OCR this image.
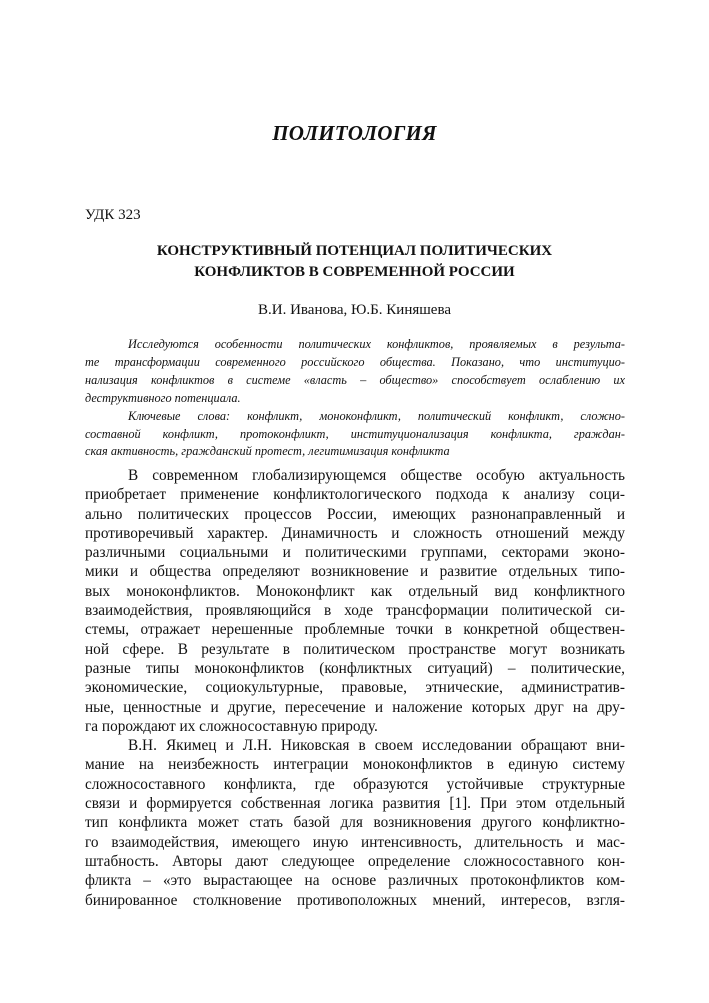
ПОЛИТОЛОГИЯ
УДК 323
КОНСТРУКТИВНЫЙ ПОТЕНЦИАЛ ПОЛИТИЧЕСКИХ
КОНФЛИКТОВ В СОВРЕМЕННОЙ РОССИИ
В.И. Иванова, Ю.Б. Киняшева
Исследуются особенности политических конфликтов, проявляемых в результа-
те трансформации современного российского общества. Показано, что институцио-
нализация конфликтов в системе «власть – общество» способствует ослаблению их
деструктивного потенциала.
Ключевые слова: конфликт, моноконфликт, политический конфликт, сложно-
составной конфликт, протоконфликт, институционализация конфликта, граждан-
ская активность, гражданский протест, легитимизация конфликта
В современном глобализирующемся обществе особую актуальность
приобретает применение конфликтологического подхода к анализу соци-
ально политических процессов России, имеющих разнонаправленный и
противоречивый характер. Динамичность и сложность отношений между
различными социальными и политическими группами, секторами эконо-
мики и общества определяют возникновение и развитие отдельных типо-
вых моноконфликтов. Моноконфликт как отдельный вид конфликтного
взаимодействия, проявляющийся в ходе трансформации политической си-
стемы, отражает нерешенные проблемные точки в конкретной обществен-
ной сфере. В результате в политическом пространстве могут возникать
разные типы моноконфликтов (конфликтных ситуаций) – политические,
экономические, социокультурные, правовые, этнические, административ-
ные, ценностные и другие, пересечение и наложение которых друг на дру-
га порождают их сложносоставную природу.
В.Н. Якимец и Л.Н. Никовская в своем исследовании обращают вни-
мание на неизбежность интеграции моноконфликтов в единую систему
сложносоставного конфликта, где образуются устойчивые структурные
связи и формируется собственная логика развития [1]. При этом отдельный
тип конфликта может стать базой для возникновения другого конфликтно-
го взаимодействия, имеющего иную интенсивность, длительность и мас-
штабность. Авторы дают следующее определение сложносоставного кон-
фликта – «это вырастающее на основе различных протоконфликтов ком-
бинированное столкновение противоположных мнений, интересов, взгля-
